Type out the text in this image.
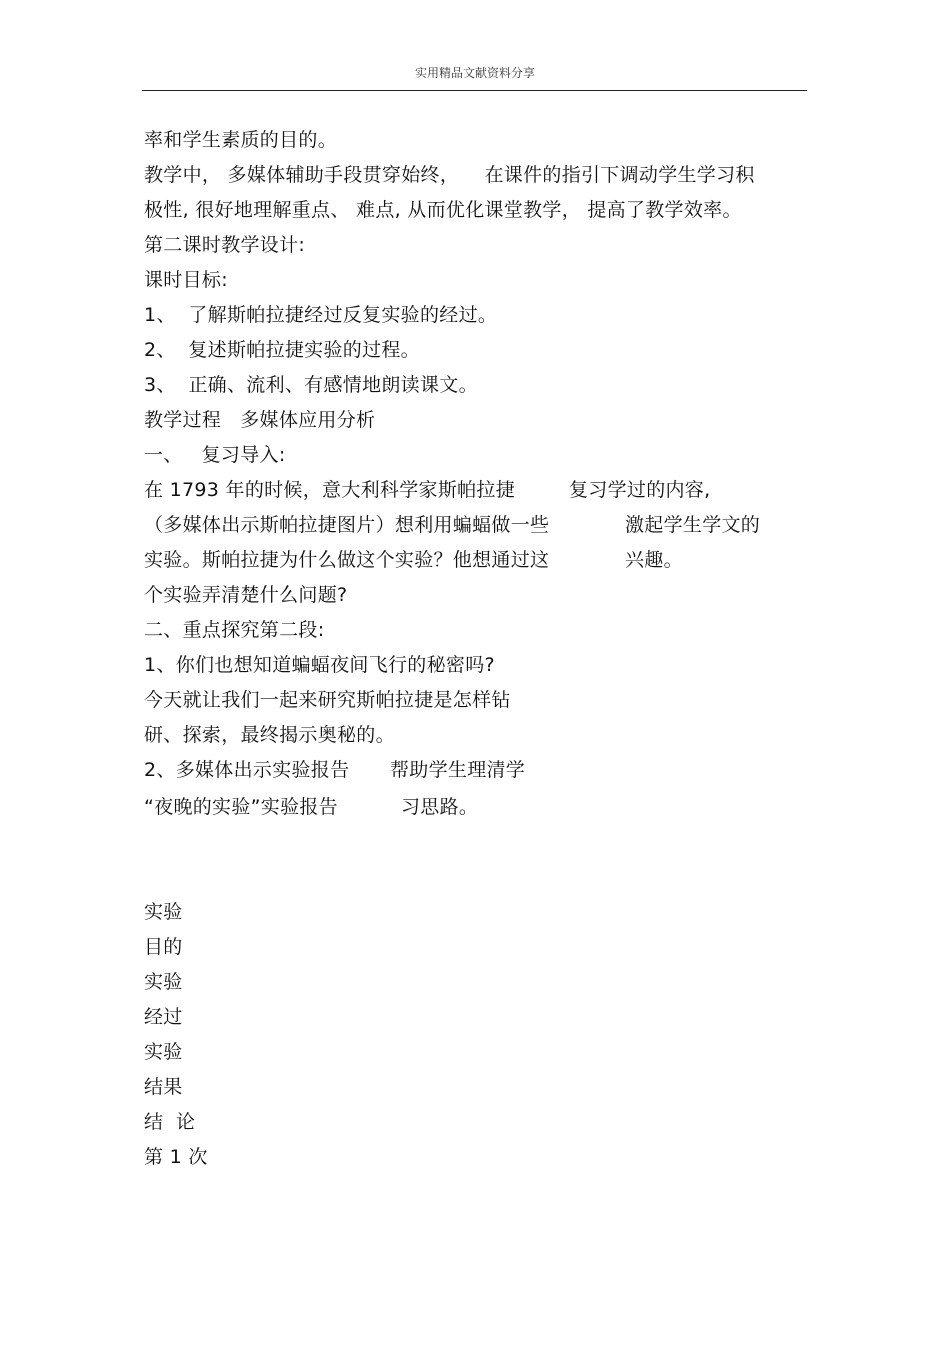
实用精品文献资料分享
率和学生素质的目的。
教学中， 多媒体辅助手段贯穿始终，    在课件的指引下调动学生学习积
极性, 很好地理解重点、 难点, 从而优化课堂教学， 提高了教学效率。
第二课时教学设计:
课时目标:
1、  了解斯帕拉捷经过反复实验的经过。
2、  复述斯帕拉捷实验的过程。
3、  正确、流利、有感情地朗读课文。
教学过程   多媒体应用分析
一、   复习导入:
在 1793 年的时候，意大利科学家斯帕拉捷
（多媒体出示斯帕拉捷图片）想利用蝙蝠做一些
实验。斯帕拉捷为什么做这个实验？他想通过这
个实验弄清楚什么问题?
二、重点探究第二段:
1、你们也想知道蝙蝠夜间飞行的秘密吗?
今天就让我们一起来研究斯帕拉捷是怎样钻
研、探索，最终揭示奥秘的。
2、多媒体出示实验报告
“夜晚的实验”实验报告
复习学过的内容,
激起学生学文的
兴趣。
帮助学生理清学
习思路。
实验
目的
实验
经过
实验
结果
结  论
第 1 次
